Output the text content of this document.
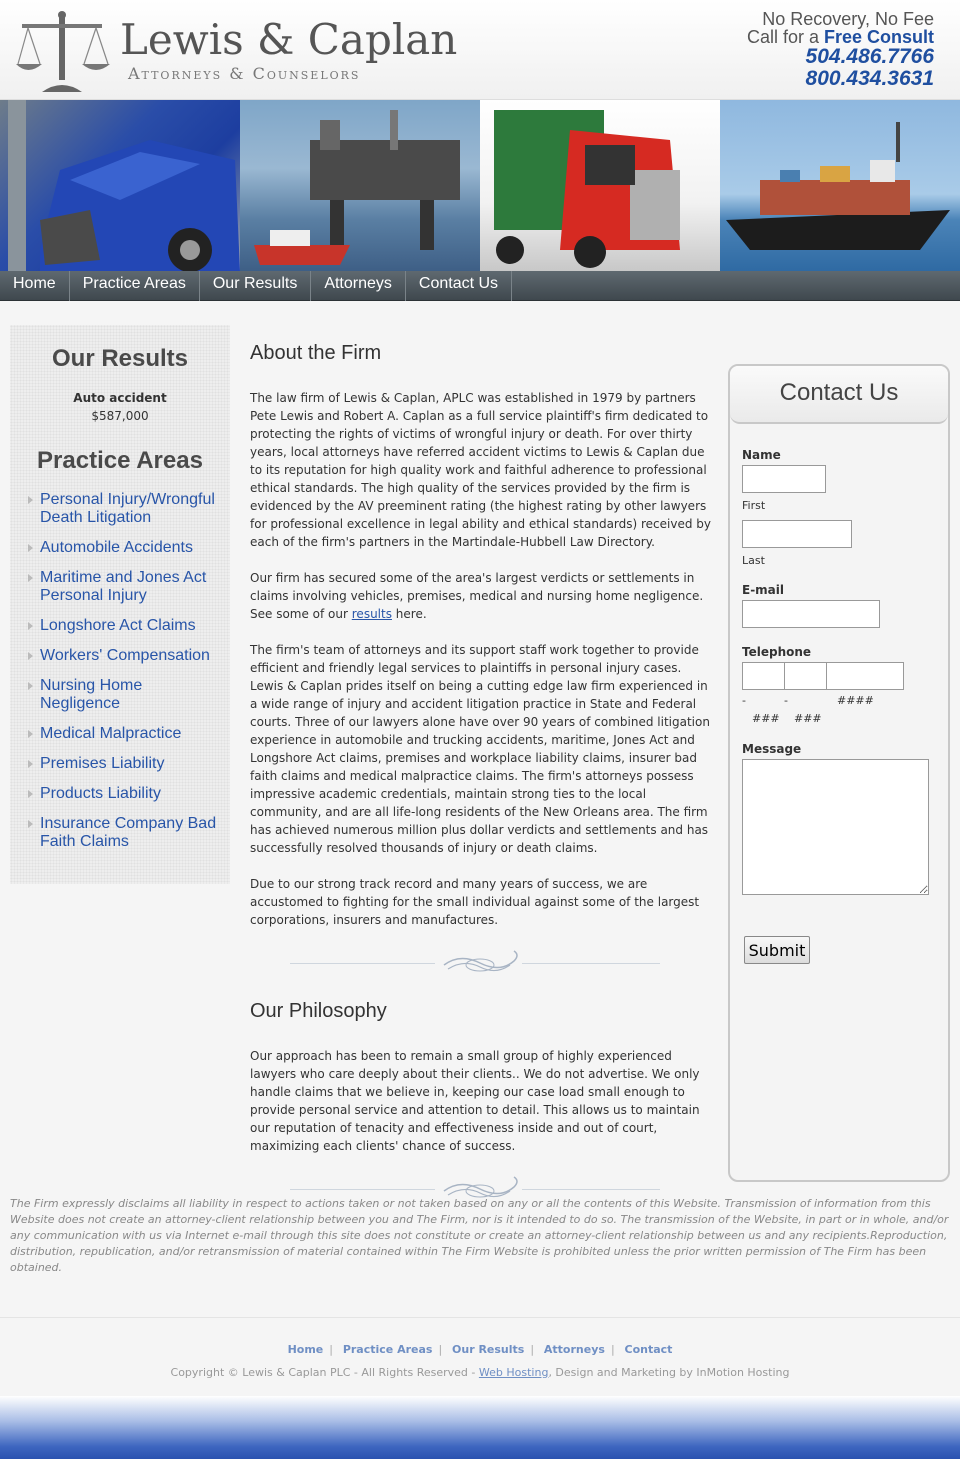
Lewis & Caplan
Attorneys & Counselors
No Recovery, No Fee
Call for a Free Consult
504.486.7766
800.434.3631
Home	Practice Areas	Our Results	Attorneys	Contact Us
Our Results
Auto accident
$587,000
Practice Areas
Personal Injury/Wrongful Death Litigation
Automobile Accidents
Maritime and Jones Act Personal Injury
Longshore Act Claims
Workers' Compensation
Nursing Home Negligence
Medical Malpractice
Premises Liability
Products Liability
Insurance Company Bad Faith Claims
About the Firm

The law firm of Lewis & Caplan, APLC was established in 1979 by partners Pete Lewis and Robert A. Caplan as a full service plaintiff's firm dedicated to protecting the rights of victims of wrongful injury or death. For over thirty years, local attorneys have referred accident victims to Lewis & Caplan due to its reputation for high quality work and faithful adherence to professional ethical standards. The high quality of the services provided by the firm is evidenced by the AV preeminent rating (the highest rating by other lawyers for professional excellence in legal ability and ethical standards) received by each of the firm's partners in the Martindale-Hubbell Law Directory.

Our firm has secured some of the area's largest verdicts or settlements in claims involving vehicles, premises, medical and nursing home negligence. See some of our results here.

The firm's team of attorneys and its support staff work together to provide efficient and friendly legal services to plaintiffs in personal injury cases. Lewis & Caplan prides itself on being a cutting edge law firm experienced in a wide range of injury and accident litigation practice in State and Federal courts. Three of our lawyers alone have over 90 years of combined litigation experience in automobile and trucking accidents, maritime, Jones Act and Longshore Act claims, premises and workplace liability claims, insurer bad faith claims and medical malpractice claims. The firm's attorneys possess impressive academic credentials, maintain strong ties to the local community, and are all life-long residents of the New Orleans area. The firm has achieved numerous million plus dollar verdicts and settlements and has successfully resolved thousands of injury or death claims.

Due to our strong track record and many years of success, we are accustomed to fighting for the small individual against some of the largest corporations, insurers and manufactures.

Our Philosophy

Our approach has been to remain a small group of highly experienced lawyers who care deeply about their clients.. We do not advertise. We only handle claims that we believe in, keeping our case load small enough to provide personal service and attention to detail. This allows us to maintain our reputation of tenacity and effectiveness inside and out of court, maximizing each clients' chance of success.

Contact Us
Name
First
Last
E-mail
Telephone
-	-	####
### ###
Message
Submit
The Firm expressly disclaims all liability in respect to actions taken or not taken based on any or all the contents of this Website. Transmission of information from this Website does not create an attorney-client relationship between you and The Firm, nor is it intended to do so. The transmission of the Website, in part or in whole, and/or any communication with us via Internet e-mail through this site does not constitute or create an attorney-client relationship between us and any recipients.Reproduction, distribution, republication, and/or retransmission of material contained within The Firm Website is prohibited unless the prior written permission of The Firm has been obtained.
Home | Practice Areas | Our Results | Attorneys | Contact
Copyright © Lewis & Caplan PLC - All Rights Reserved - Web Hosting, Design and Marketing by InMotion Hosting
